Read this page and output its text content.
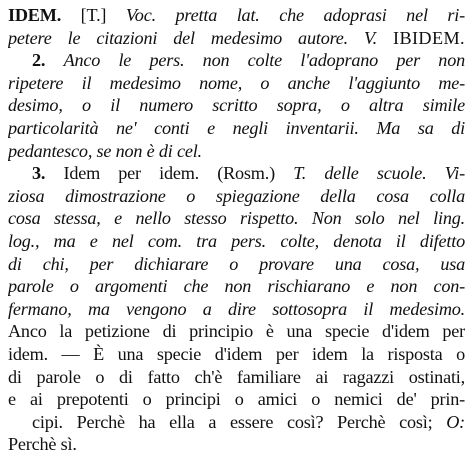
IDEM. [T.] Voc. pretta lat. che adoprasi nel ri-
petere le citazioni del medesimo autore. V. IBIDEM.
2. Anco le pers. non colte l'adoprano per non
ripetere il medesimo nome, o anche l'aggiunto me-
desimo, o il numero scritto sopra, o altra simile
particolarità ne' conti e negli inventarii. Ma sa di
pedantesco, se non è di cel.
3. Idem per idem. (Rosm.) T. delle scuole. Vi-
ziosa dimostrazione o spiegazione della cosa colla
cosa stessa, e nello stesso rispetto. Non solo nel ling.
log., ma e nel com. tra pers. colte, denota il difetto
di chi, per dichiarare o provare una cosa, usa
parole o argomenti che non rischiarano e non con-
fermano, ma vengono a dire sottosopra il medesimo.
Anco la petizione di principio è una specie d'idem per
idem. — È una specie d'idem per idem la risposta o
di parole o di fatto ch'è familiare ai ragazzi ostinati,
e ai prepotenti o principi o amici o nemici de' prin-
cipi. Perchè ha ella a essere così? Perchè così; O:
Perchè sì.
